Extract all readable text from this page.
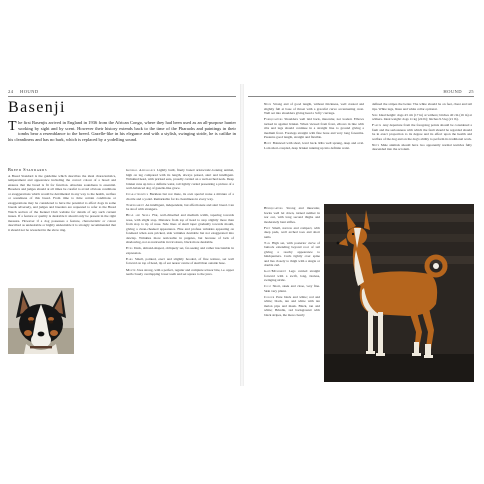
24 HOUND
Basenji
The first Basenjis arrived in England in 1936 from the African Congo, where they had been used as an all-purpose hunter working by sight and by scent. However their history extends back to the time of the Pharaohs and paintings in their tombs bear a resemblance to the breed. Gazelle-like in his elegance and with a stylish, swinging stride, he is catlike in his cleanliness and has no bark, which is replaced by a yodelling sound.
Breed Standards

A Breed Standard is the guideline which describes the ideal characteristics, temperament and appearance including the correct colour of a breed and ensures that the breed is fit for function. Absolute soundness is essential. Breeders and judges should at all times be careful to avoid obvious conditions or exaggerations which would be detrimental in any way to the health, welfare or soundness of this breed. From time to time certain conditions or exaggerations may be considered to have the potential to affect dogs in some breeds adversely, and judges and breeders are requested to refer to the Breed Watch section of the Kennel Club website for details of any such current issues. If a feature or quality is desirable it should only be present in the right measure. However if a dog possesses a feature, characteristic or colour described as undesirable or highly undesirable it is strongly recommended that it should not be rewarded in the show ring.

General Appearance Lightly built, finely boned aristocratic-looking animal, high on leg compared with its length, always poised, alert and intelligent. Wrinkled head, with pricked ears, proudly carried on a well-arched neck. Deep brisket runs up into a definite waist, tail tightly curled presenting a picture of a well-balanced dog of gazelle-like grace.

Characteristics Barkless but not mute, its own special noise a mixture of a chortle and a yodel. Remarkable for its cleanliness in every way.

Temperament An intelligent, independent, but affectionate and alert breed. Can be aloof with strangers.

Head and Skull Flat, well-chiselled and medium width, tapering towards nose, with slight stop. Distance from top of head to stop slightly more than from stop to tip of nose. Side lines of skull taper gradually towards mouth, giving a clean-cheeked appearance. Fine and profuse wrinkles appearing on forehead when ears pricked, side wrinkles desirable but not exaggerated into dewlap. Wrinkles more noticeable in puppies, but because of lack of shadowing, not as noticeable in tricolours, black more desirable.

Eyes Dark, almond-shaped, obliquely set, far-seeing and rather inscrutable in expression.

Ears Small, pointed, erect and slightly hooded, of fine texture, set well forward on top of head, tip of ear nearer centre of skull than outside base.

Mouth Jaws strong, with a perfect, regular and complete scissor bite, i.e. upper teeth closely overlapping lower teeth and set square to the jaws.

HOUND 25

Neck Strong and of good length, without thickness, well crested and slightly full at base of throat with a graceful curve accentuating crest. Well set into shoulders giving head a 'lofty' carriage.

Forequarters Shoulders well laid back, muscular, not loaded. Elbows tucked in against brisket. When viewed from front, elbows in line with ribs and legs should continue in a straight line to ground giving a medium front. Forelegs straight with fine bone and very long forearms. Pasterns good length, straight and flexible.

Body Balanced with short, level back. Ribs well sprung, deep and oval. Loin short-coupled, deep brisket running up into definite waist.

Hindquarters Strong and muscular, hocks well let down, turned neither in nor out, with long second thighs and moderately bent stifles.

Feet Small, narrow and compact, with deep pads, well arched toes and short nails.

Tail High set, with posterior curve of buttock extending beyond root of tail giving a reachy appearance to hindquarters. Curls tightly over spine and lies closely to thigh with a single or double curl.

Gait/Movement Legs carried straight forward with a swift, long, tireless, swinging stride.

Coat Short, sleek and close, very fine. Skin very pliant.

Colour Pure black and white; red and white; black, tan and white with tan melon pips and mask. Black, tan and white; Brindle, red background with black stripes, the more clearly

defined the stripes the better. The white should be on feet, chest and tail tips. White legs, blaze and white collar optional.

Size Ideal height: dogs 43 cm (17 in) at withers; bitches 40 cm (16 in) at withers. Ideal weight: dogs 11 kg (24 lb); bitches 9.5 kg (21 lb).

Faults Any departure from the foregoing points should be considered a fault and the seriousness with which the fault should be regarded should be in exact proportion to its degree and its effect upon the health and welfare of the dog and on the dog's ability to perform its traditional work.

Note Male animals should have two apparently normal testicles fully descended into the scrotum.
